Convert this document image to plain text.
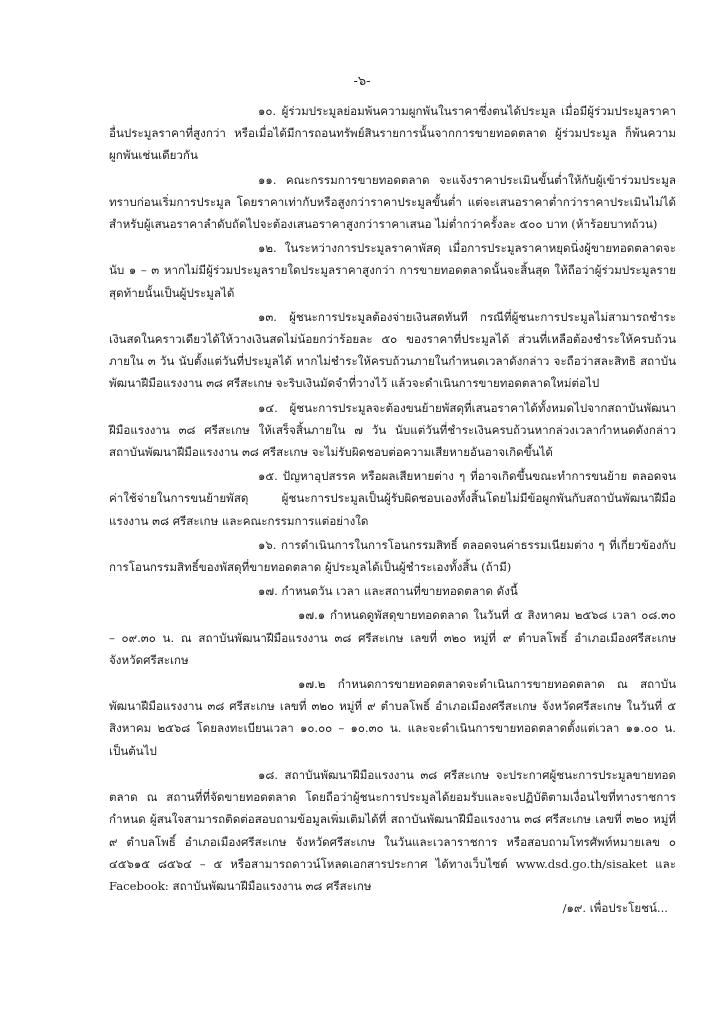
-๖-

๑๐. ผู้ร่วมประมูลย่อมพ้นความผูกพันในราคาซึ่งตนได้ประมูล เมื่อมีผู้ร่วมประมูลราคาอื่นประมูลราคาที่สูงกว่า หรือเมื่อได้มีการถอนทรัพย์สินรายการนั้นจากการขายทอดตลาด ผู้ร่วมประมูล ก็พ้นความผูกพันเช่นเดียวกัน

๑๑. คณะกรรมการขายทอดตลาด จะแจ้งราคาประเมินขั้นต่ำให้กับผู้เข้าร่วมประมูลทราบก่อนเริ่มการประมูล โดยราคาเท่ากับหรือสูงกว่าราคาประมูลขั้นต่ำ แต่จะเสนอราคาต่ำกว่าราคาประเมินไม่ได้ สำหรับผู้เสนอราคาลำดับถัดไปจะต้องเสนอราคาสูงกว่าราคาเสนอ ไม่ต่ำกว่าครั้งละ ๕๐๐ บาท (ห้าร้อยบาทถ้วน)

๑๒. ในระหว่างการประมูลราคาพัสดุ เมื่อการประมูลราคาหยุดนิ่งผู้ขายทอดตลาดจะนับ ๑ – ๓ หากไม่มีผู้ร่วมประมูลรายใดประมูลราคาสูงกว่า การขายทอดตลาดนั้นจะสิ้นสุด ให้ถือว่าผู้ร่วมประมูลรายสุดท้ายนั้นเป็นผู้ประมูลได้

๑๓. ผู้ชนะการประมูลต้องจ่ายเงินสดทันที กรณีที่ผู้ชนะการประมูลไม่สามารถชำระเงินสดในคราวเดียวได้ให้วางเงินสดไม่น้อยกว่าร้อยละ ๕๐ ของราคาที่ประมูลได้ ส่วนที่เหลือต้องชำระให้ครบถ้วนภายใน ๓ วัน นับตั้งแต่วันที่ประมูลได้ หากไม่ชำระให้ครบถ้วนภายในกำหนดเวลาดังกล่าว จะถือว่าสละสิทธิ สถาบันพัฒนาฝีมือแรงงาน ๓๘ ศรีสะเกษ จะริบเงินมัดจำที่วางไว้ แล้วจะดำเนินการขายทอดตลาดใหม่ต่อไป

๑๔. ผู้ชนะการประมูลจะต้องขนย้ายพัสดุที่เสนอราคาได้ทั้งหมดไปจากสถาบันพัฒนาฝีมือแรงงาน ๓๘ ศรีสะเกษ ให้เสร็จสิ้นภายใน ๗ วัน นับแต่วันที่ชำระเงินครบถ้วนหากล่วงเวลากำหนดดังกล่าว สถาบันพัฒนาฝีมือแรงงาน ๓๘ ศรีสะเกษ จะไม่รับผิดชอบต่อความเสียหายอันอาจเกิดขึ้นได้

๑๕. ปัญหาอุปสรรค หรือผลเสียหายต่าง ๆ ที่อาจเกิดขึ้นขณะทำการขนย้าย ตลอดจนค่าใช้จ่ายในการขนย้ายพัสดุ ผู้ชนะการประมูลเป็นผู้รับผิดชอบเองทั้งสิ้นโดยไม่มีข้อผูกพันกับสถาบันพัฒนาฝีมือแรงงาน ๓๘ ศรีสะเกษ และคณะกรรมการแต่อย่างใด

๑๖. การดำเนินการในการโอนกรรมสิทธิ์ ตลอดจนค่าธรรมเนียมต่าง ๆ ที่เกี่ยวข้องกับการโอนกรรมสิทธิ์ของพัสดุที่ขายทอดตลาด ผู้ประมูลได้เป็นผู้ชำระเองทั้งสิ้น (ถ้ามี)

๑๗. กำหนดวัน เวลา และสถานที่ขายทอดตลาด ดังนี้

๑๗.๑ กำหนดดูพัสดุขายทอดตลาด ในวันที่ ๕ สิงหาคม ๒๕๖๘ เวลา ๐๘.๓๐ – ๐๙.๓๐ น. ณ สถาบันพัฒนาฝีมือแรงงาน ๓๘ ศรีสะเกษ เลขที่ ๓๒๐ หมู่ที่ ๙ ตำบลโพธิ์ อำเภอเมืองศรีสะเกษ จังหวัดศรีสะเกษ

๑๗.๒ กำหนดการขายทอดตลาดจะดำเนินการขายทอดตลาด ณ สถาบันพัฒนาฝีมือแรงงาน ๓๘ ศรีสะเกษ เลขที่ ๓๒๐ หมู่ที่ ๙ ตำบลโพธิ์ อำเภอเมืองศรีสะเกษ จังหวัดศรีสะเกษ ในวันที่ ๕ สิงหาคม ๒๕๖๘ โดยลงทะเบียนเวลา ๑๐.๐๐ – ๑๐.๓๐ น. และจะดำเนินการขายทอดตลาดตั้งแต่เวลา ๑๑.๐๐ น. เป็นต้นไป

๑๘. สถาบันพัฒนาฝีมือแรงงาน ๓๘ ศรีสะเกษ จะประกาศผู้ชนะการประมูลขายทอดตลาด ณ สถานที่ที่จัดขายทอดตลาด โดยถือว่าผู้ชนะการประมูลได้ยอมรับและจะปฏิบัติตามเงื่อนไขที่ทางราชการกำหนด ผู้สนใจสามารถติดต่อสอบถามข้อมูลเพิ่มเติมได้ที่ สถาบันพัฒนาฝีมือแรงงาน ๓๘ ศรีสะเกษ เลขที่ ๓๒๐ หมู่ที่ ๙ ตำบลโพธิ์ อำเภอเมืองศรีสะเกษ จังหวัดศรีสะเกษ ในวันและเวลาราชการ หรือสอบถามโทรศัพท์หมายเลข ๐ ๔๕๖๑๕ ๘๕๖๔ – ๕ หรือสามารถดาวน์โหลดเอกสารประกาศ ได้ทางเว็บไซต์ www.dsd.go.th/sisaket และ Facebook: สถาบันพัฒนาฝีมือแรงงาน ๓๘ ศรีสะเกษ

/๑๙. เพื่อประโยชน์...
